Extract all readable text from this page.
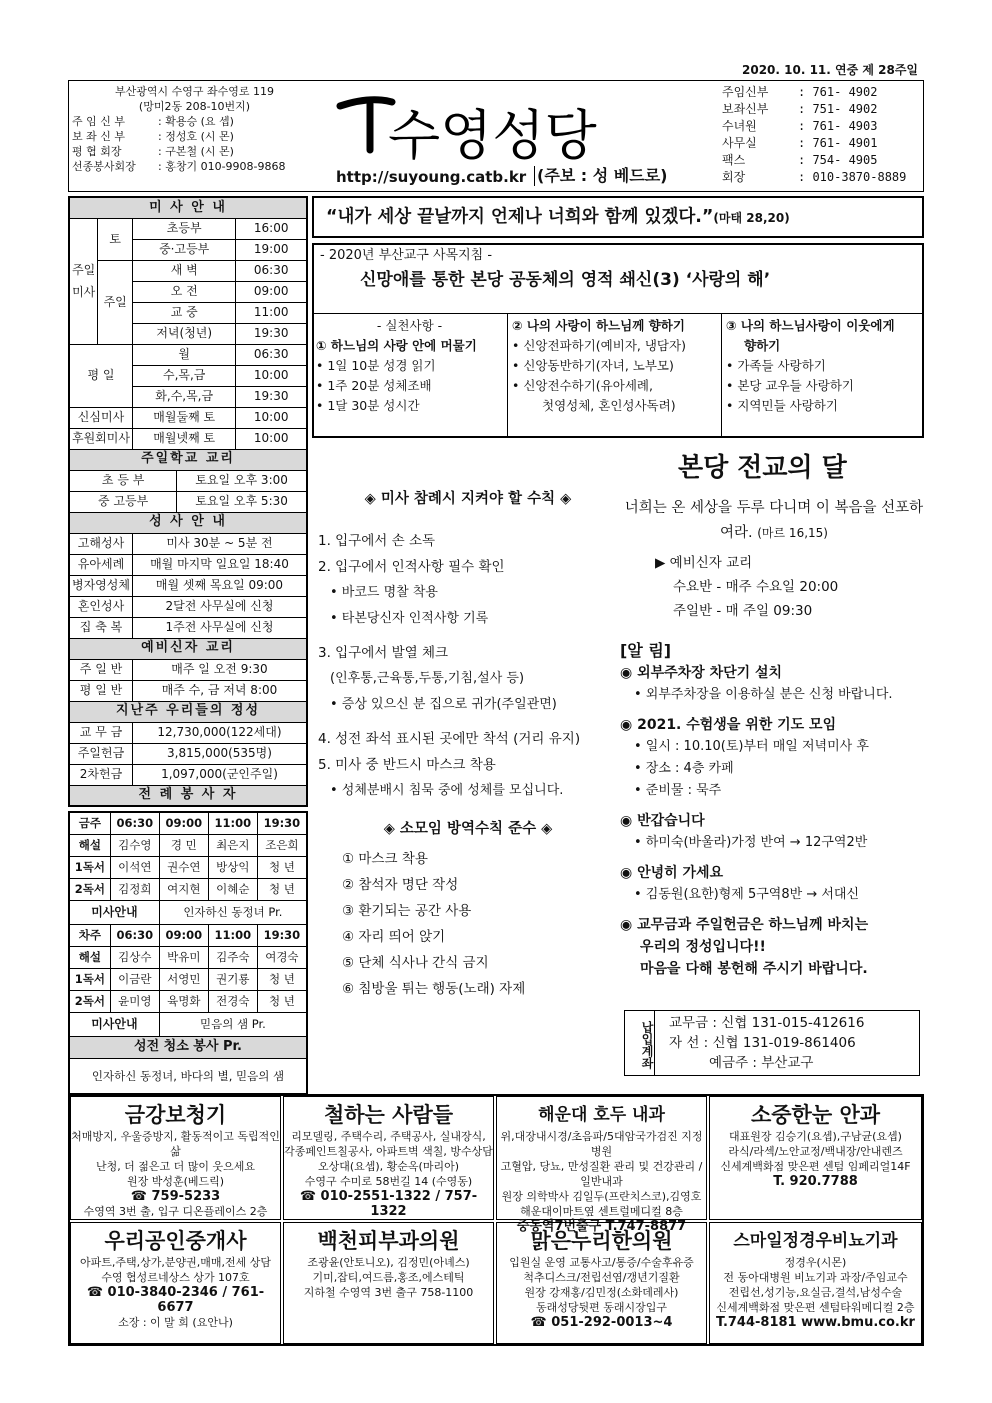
2020. 10. 11. 연중 제 28주일
부산광역시 수영구 좌수영로 119
(망미2동 208-10번지)
주 임 신 부	: 확용승 (요 셉)
보 좌 신 부	: 정성호 (시 몬)
평 협 회장	: 구본철 (시 몬)
선종봉사회장	: 홍창기 010-9908-9868 수영성당
http://suyoung.catb.kr (주보 : 성 베드로)
주임신부	: 761- 4902
보좌신부	: 751- 4902
수녀원	: 761- 4903
사무실	: 761- 4901
팩스	: 754- 4905
회장	: 010-3870-8889
미 사 안 내				
주일미사	토	초등부		16:00
		중·고등부		19:00
	주일	새 벽		06:30
		오 전		09:00
		교 중		11:00
		저녁(청년)		19:30
평 일		월		06:30
		수,목,금		10:00
		화,수,목,금		19:30
신심미사		매월둘째 토		10:00
후원회미사		매월넷째 토		10:00
주일학교 교리				
초 등 부			토요일 오후 3:00	
중 고등부			토요일 오후 5:30	
성 사 안 내				
고해성사		미사 30분 ~ 5분 전		
유아세례		매월 마지막 일요일 18:40		
병자영성체		매월 셋째 목요일 09:00		
혼인성사		2달전 사무실에 신청		
집 축 복		1주전 사무실에 신청		
예비신자 교리				
주 일 반		매주 일 오전 9:30		
평 일 반		매주 수, 금 저녁 8:00		
지난주 우리들의 정성				
교 무 금		12,730,000(122세대)		
주일헌금		3,815,000(535명)		
2차헌금		1,097,000(군인주일)		
전 례 봉 사 자				
금주	06:30	09:00	11:00	19:30
해설	김수영	경 민	최은지	조은희
1독서	이석연	권수연	방상익	청 년
2독서	김정희	여지현	이혜순	청 년
미사안내		인자하신 동정녀 Pr.		
차주	06:30	09:00	11:00	19:30
해설	김상수	박유미	김주숙	여경숙
1독서	이금란	서영민	권기룡	청 년
2독서	윤미영	육명화	전경숙	청 년
미사안내		믿음의 샘 Pr.		
성전 청소 봉사 Pr.				
인자하신 동정녀, 바다의 별, 믿음의 샘				
“내가 세상 끝날까지 언제나 너희와 함께 있겠다.”(마태 28,20)
- 2020년 부산교구 사목지침 -
신망애를 통한 본당 공동체의 영적 쇄신(3) ‘사랑의 해’
- 실천사항 -
① 하느님의 사랑 안에 머물기
• 1일 10분 성경 읽기
• 1주 20분 성체조배
• 1달 30분 성시간
② 나의 사랑이 하느님께 향하기
• 신앙전파하기(예비자, 냉담자)
• 신앙동반하기(자녀, 노부모)
• 신앙전수하기(유아세례,
첫영성체, 혼인성사독려)
③ 나의 하느님사랑이 이웃에게
향하기
• 가족들 사랑하기
• 본당 교우들 사랑하기
• 지역민들 사랑하기
◈ 미사 참례시 지켜야 할 수칙 ◈
1. 입구에서 손 소독
2. 입구에서 인적사항 필수 확인
• 바코드 명찰 착용
• 타본당신자 인적사항 기록
3. 입구에서 발열 체크
(인후통,근육통,두통,기침,설사 등)
• 증상 있으신 분 집으로 귀가(주일관면)
4. 성전 좌석 표시된 곳에만 착석 (거리 유지)
5. 미사 중 반드시 마스크 착용
• 성체분배시 침묵 중에 성체를 모십니다.
◈ 소모임 방역수칙 준수 ◈
① 마스크 착용
② 참석자 명단 작성
③ 환기되는 공간 사용
④ 자리 띄어 앉기
⑤ 단체 식사나 간식 금지
⑥ 침방울 튀는 행동(노래) 자제
본당 전교의 달
너희는 온 세상을 두루 다니며 이 복음을 선포하여라. (마르 16,15)
▶ 예비신자 교리
수요반 - 매주 수요일 20:00
주일반 - 매 주일 09:30
[알 림]
◉ 외부주차장 차단기 설치
• 외부주차장을 이용하실 분은 신청 바랍니다.
◉ 2021. 수험생을 위한 기도 모임
• 일시 : 10.10(토)부터 매일 저녁미사 후
• 장소 : 4층 카페
• 준비물 : 묵주
◉ 반갑습니다
• 하미숙(바울라)가정 반여 → 12구역2반
◉ 안녕히 가세요
• 김동원(요한)형제 5구역8반 → 서대신
◉ 교무금과 주일헌금은 하느님께 바치는
우리의 정성입니다!!
마음을 다해 봉헌해 주시기 바랍니다.
납입계좌 교무금 : 신협 131-015-412616
자 선 : 신협 131-019-861406
예금주 : 부산교구
금강보청기
처매방지, 우울증방지, 활동적이고 독립적인 삶
난청, 더 젊은고 더 많이 웃으세요
원장 박성훈(베드릭)
☎ 759-5233
수영역 3번 출, 입구 디온플레이스 2층
철하는 사람들
리모델링, 주택수리, 주택공사, 실내장식,
각종페인트칠공사, 아파트벽 색칠, 방수상담
오상대(요셉), 황순옥(마리아)
수영구 수미로 58번길 14 (수영동)
☎ 010-2551-1322 / 757-1322
해운대 호두 내과
위,대장내시경/초음파/5대암국가검진 지정병원
고혈압, 당뇨, 만성질환 관리 및 건강관리 / 일반내과
원장 의학박사 김일두(프란치스코),김영호
해운대이마트옆 센트럴메디컬 8층
중동역7번출구 T.747-8877
소중한눈 안과
대표원장 김승기(요셉),구남균(요셉)
라식/라섹/노안교정/백내장/안내렌즈
신세계백화점 맞은편 센텀 임페리얼14F
T. 920.7788
우리공인중개사
아파트,주택,상가,분양권,매매,전세 상담
수영 협성르네상스 상가 107호
☎ 010-3840-2346 / 761-6677
소장 : 이 말 희 (요안나)
백천피부과의원
조광윤(안토니오), 김정민(아녜스)
기미,잡티,여드름,홍조,에스테틱
지하철 수영역 3번 출구 758-1100
맑은누리한의원
입원실 운영 교통사고/통증/수술후유증
척추디스크/전립선염/갱년기질환
원장 강재홍/김민정(소화데레사)
동래성당뒷편 동래시장입구
☎ 051-292-0013~4
스마일정경우비뇨기과
정경우(시몬)
전 동아대병원 비뇨기과 과장/주임교수
전립선,성기능,요실금,결석,남성수술
신세계백화점 맞은편 센텀타워메디컬 2층
T.744-8181 www.bmu.co.kr
